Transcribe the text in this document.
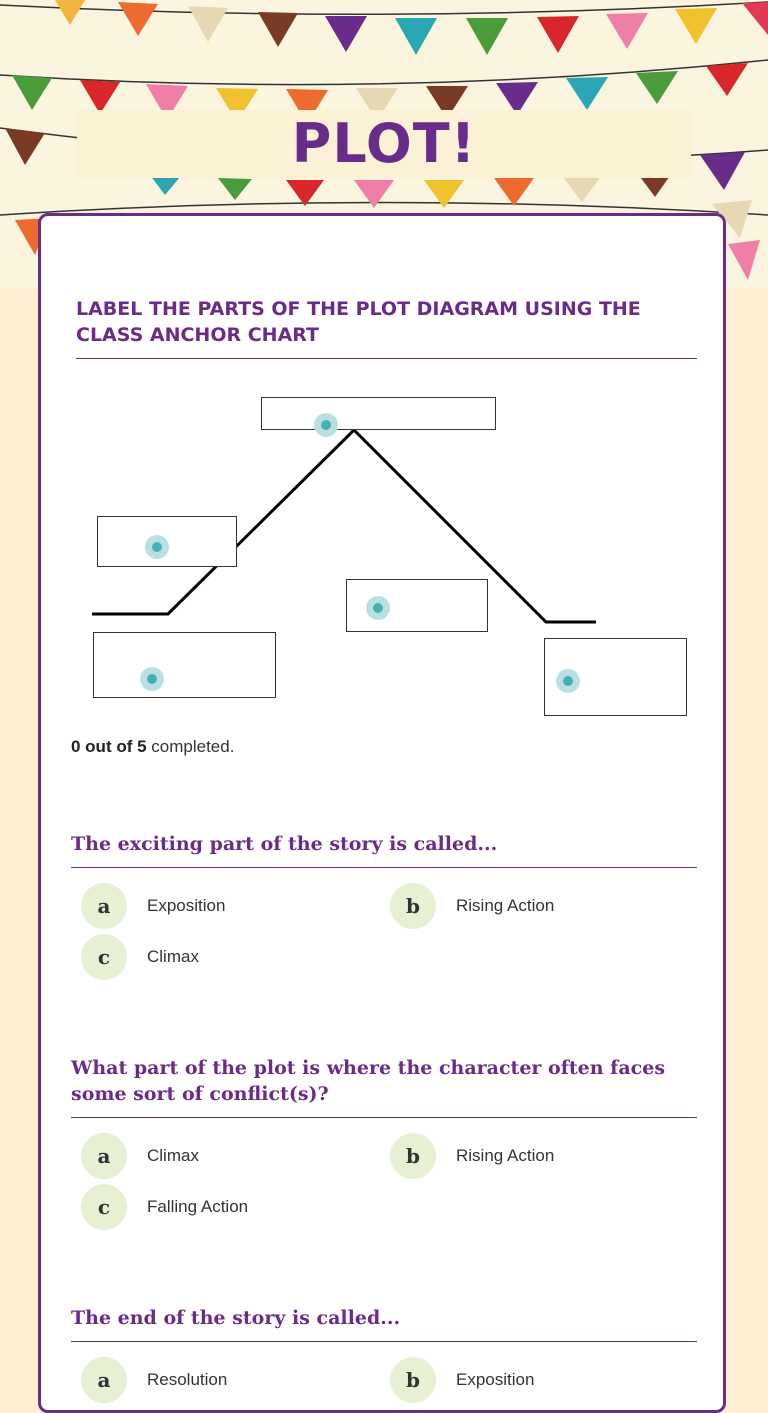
PLOT!
LABEL THE PARTS OF THE PLOT DIAGRAM USING THE CLASS ANCHOR CHART
0 out of 5 completed.
The exciting part of the story is called...
a	Exposition	b	Rising Action
c	Climax
What part of the plot is where the character often faces some sort of conflict(s)?
a	Climax	b	Rising Action
c	Falling Action
The end of the story is called...
a	Resolution	b	Exposition
